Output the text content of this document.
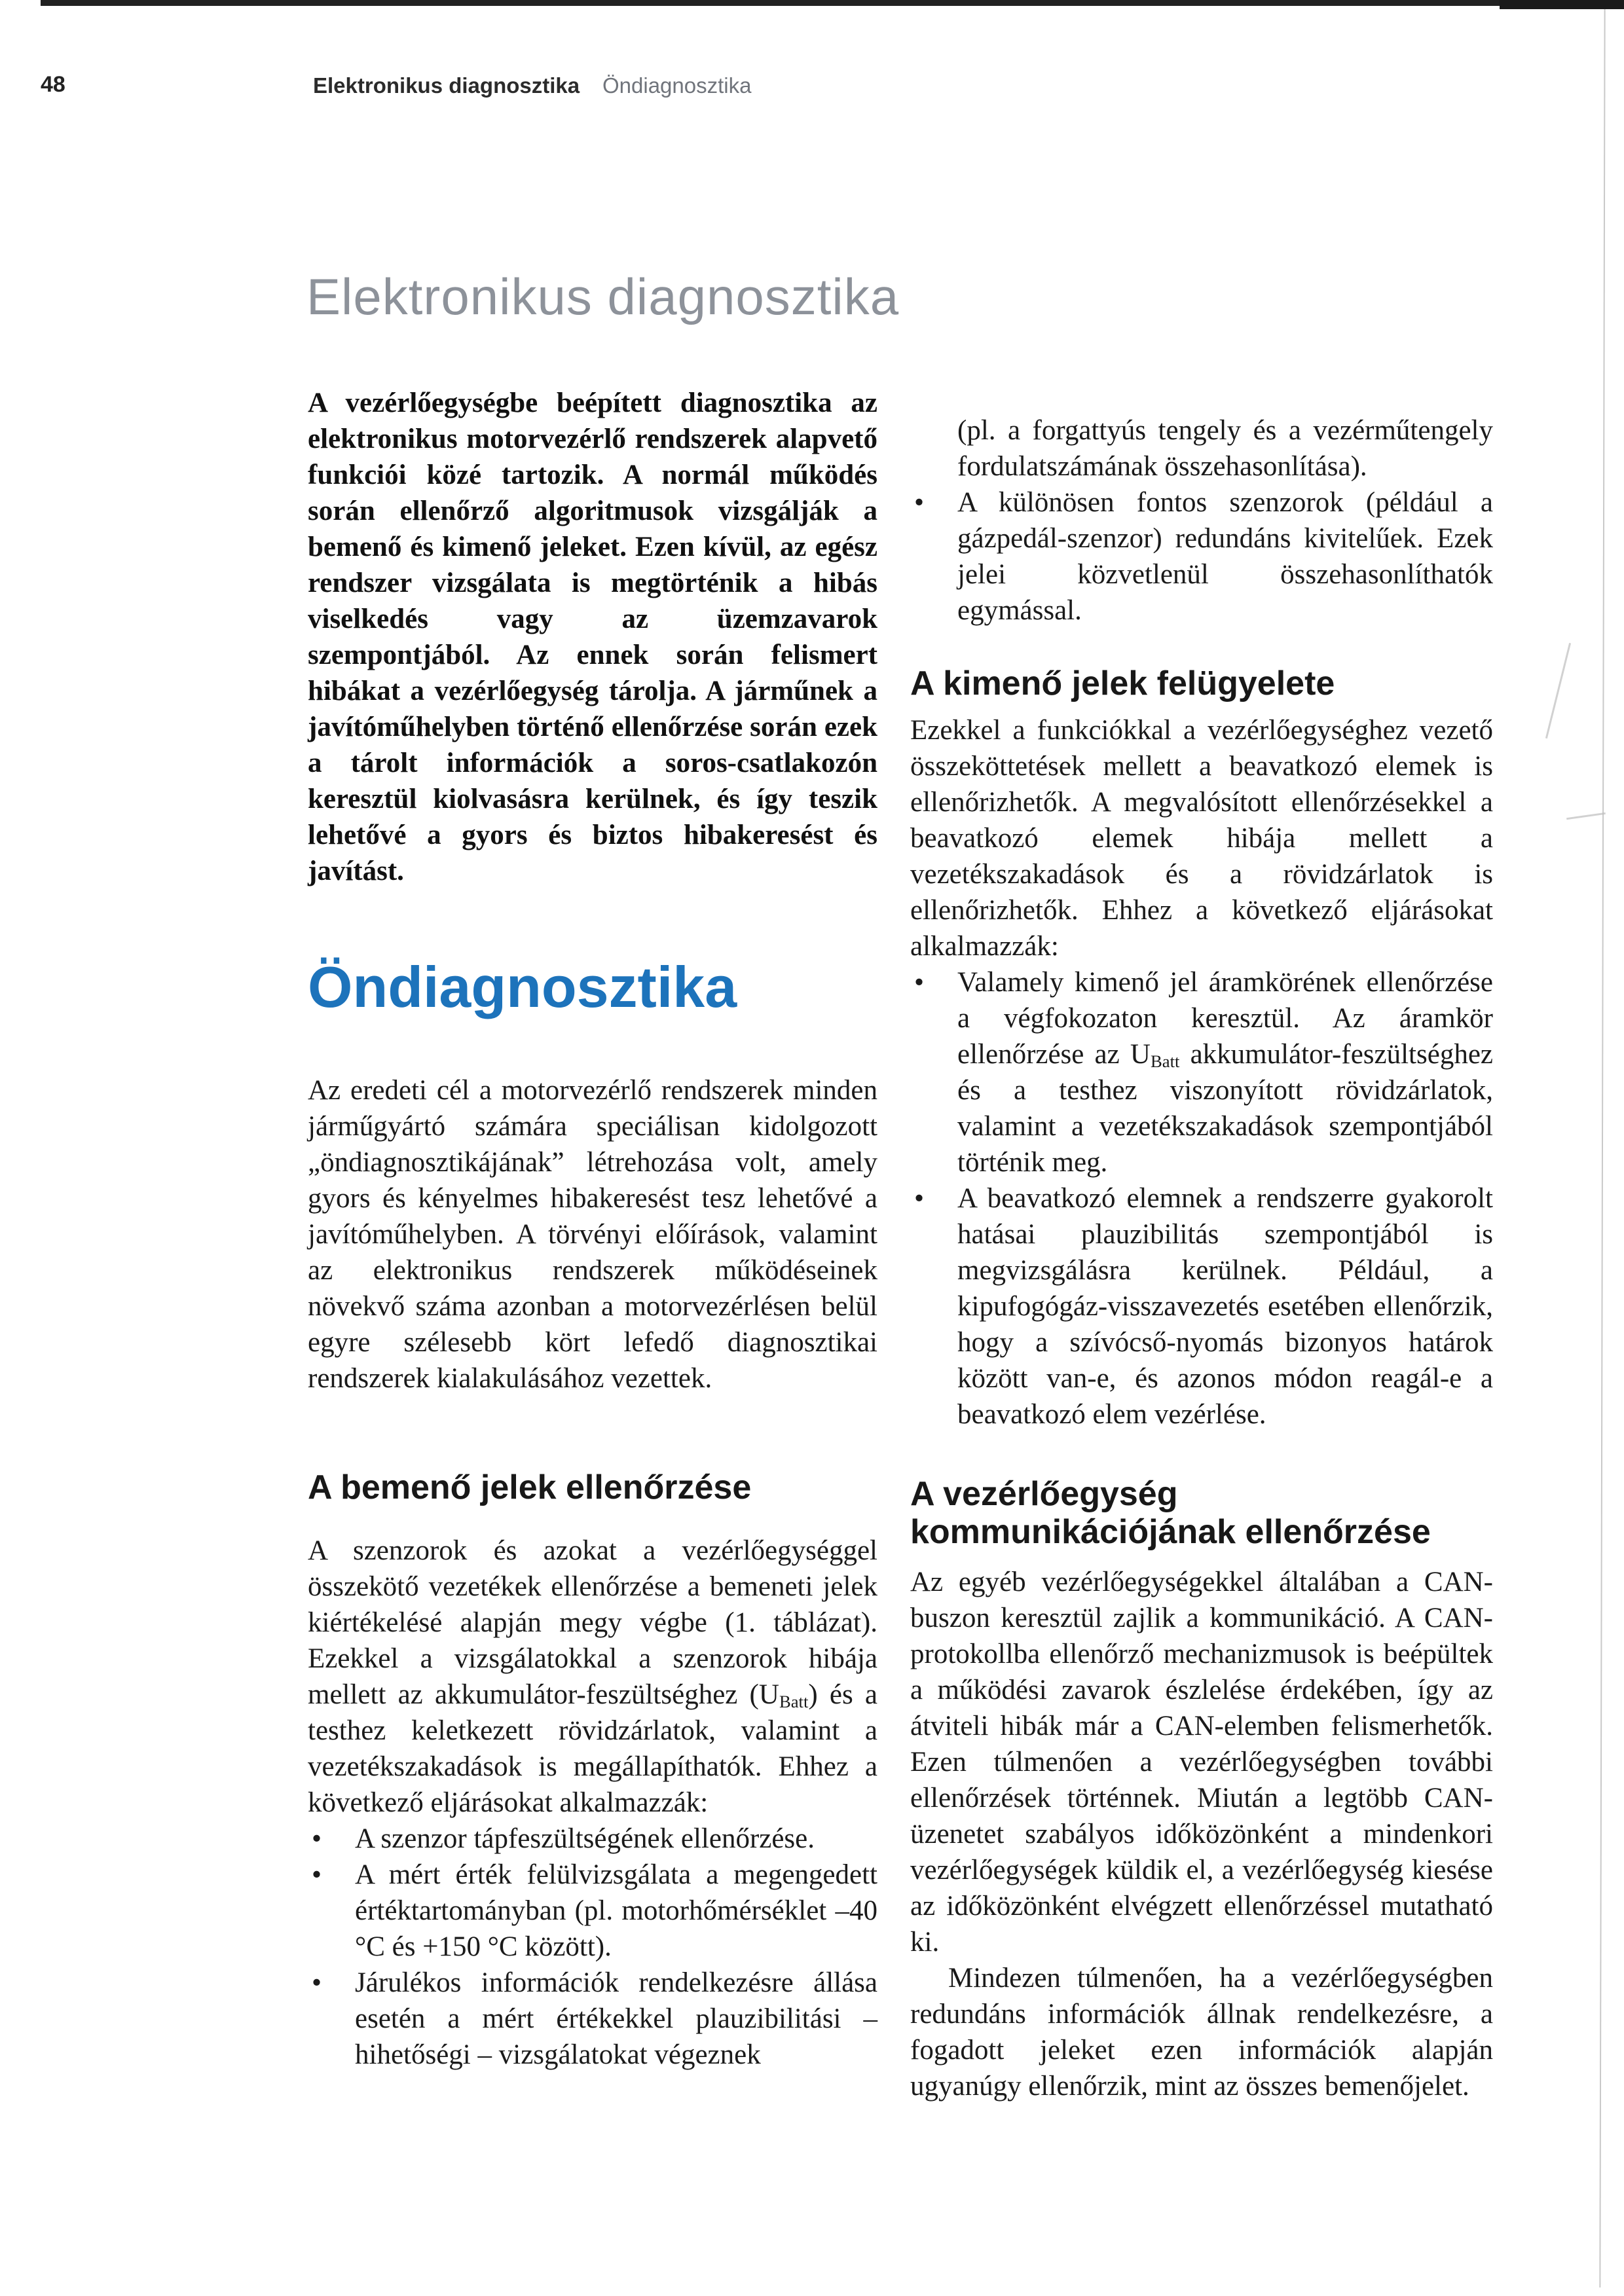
48	Elektronikus diagnosztika Öndiagnosztika
Elektronikus diagnosztika

A vezérlőegységbe beépített diagnosztika az elektronikus motorvezérlő rendszerek alapvető funkciói közé tartozik. A normál működés során ellenőrző algoritmusok vizsgálják a bemenő és kimenő jeleket. Ezen kívül, az egész rendszer vizsgálata is megtörténik a hibás viselkedés vagy az üzemzavarok szempontjából. Az ennek során felismert hibákat a vezérlőegység tárolja. A járműnek a javítóműhelyben történő ellenőrzése során ezek a tárolt információk a soros-csatlakozón keresztül kiolvasásra kerülnek, és így teszik lehetővé a gyors és biztos hibakeresést és javítást.

Öndiagnosztika

Az eredeti cél a motorvezérlő rendszerek minden járműgyártó számára speciálisan kidolgozott „öndiagnosztikájának” létrehozása volt, amely gyors és kényelmes hibakeresést tesz lehetővé a javítóműhelyben. A törvényi előírások, valamint az elektronikus rendszerek működéseinek növekvő száma azonban a motorvezérlésen belül egyre szélesebb kört lefedő diagnosztikai rendszerek kialakulásához vezettek.

A bemenő jelek ellenőrzése

A szenzorok és azokat a vezérlőegységgel összekötő vezetékek ellenőrzése a bemeneti jelek kiértékelésé alapján megy végbe (1. táblázat). Ezekkel a vizsgálatokkal a szenzorok hibája mellett az akkumulátor-feszültséghez $(U_{Batt})$ és a testhez keletkezett rövidzárlatok, valamint a vezetékszakadások is megállapíthatók. Ehhez a következő eljárásokat alkalmazzák:

• A szenzor tápfeszültségének ellenőrzése.
• A mért érték felülvizsgálata a megengedett értéktartományban (pl. motorhőmérséklet –40 °C és +150 °C között).
• Járulékos információk rendelkezésre állása esetén a mért értékekkel plauzibilitási – hihetőségi – vizsgálatokat végeznek

(pl. a forgattyús tengely és a vezérműtengely fordulatszámának összehasonlítása).

• A különösen fontos szenzorok (például a gázpedál-szenzor) redundáns kivitelűek. Ezek jelei közvetlenül összehasonlíthatók egymással.
A kimenő jelek felügyelete

Ezekkel a funkciókkal a vezérlőegységhez vezető összeköttetések mellett a beavatkozó elemek is ellenőrizhetők. A megvalósított ellenőrzésekkel a beavatkozó elemek hibája mellett a vezetékszakadások és a rövidzárlatok is ellenőrizhetők. Ehhez a következő eljárásokat alkalmazzák:

• Valamely kimenő jel áramkörének ellenőrzése a végfokozaton keresztül. Az áramkör ellenőrzése az $U_{Batt}$ akkumulátor-feszültséghez és a testhez viszonyított rövidzárlatok, valamint a vezetékszakadások szempontjából történik meg.
• A beavatkozó elemnek a rendszerre gyakorolt hatásai plauzibilitás szempontjából is megvizsgálásra kerülnek. Például, a kipufogógáz-visszavezetés esetében ellenőrzik, hogy a szívócső-nyomás bizonyos határok között van-e, és azonos módon reagál-e a beavatkozó elem vezérlése.
A vezérlőegység kommunikációjának ellenőrzése

Az egyéb vezérlőegységekkel általában a CAN-buszon keresztül zajlik a kommunikáció. A CAN-protokollba ellenőrző mechanizmusok is beépültek a működési zavarok észlelése érdekében, így az átviteli hibák már a CAN-elemben felismerhetők. Ezen túlmenően a vezérlőegységben további ellenőrzések történnek. Miután a legtöbb CAN-üzenetet szabályos időközönként a mindenkori vezérlőegységek küldik el, a vezérlőegység kiesése az időközönként elvégzett ellenőrzéssel mutatható ki.

Mindezen túlmenően, ha a vezérlőegységben redundáns információk állnak rendelkezésre, a fogadott jeleket ezen információk alapján ugyanúgy ellenőrzik, mint az összes bemenőjelet.
